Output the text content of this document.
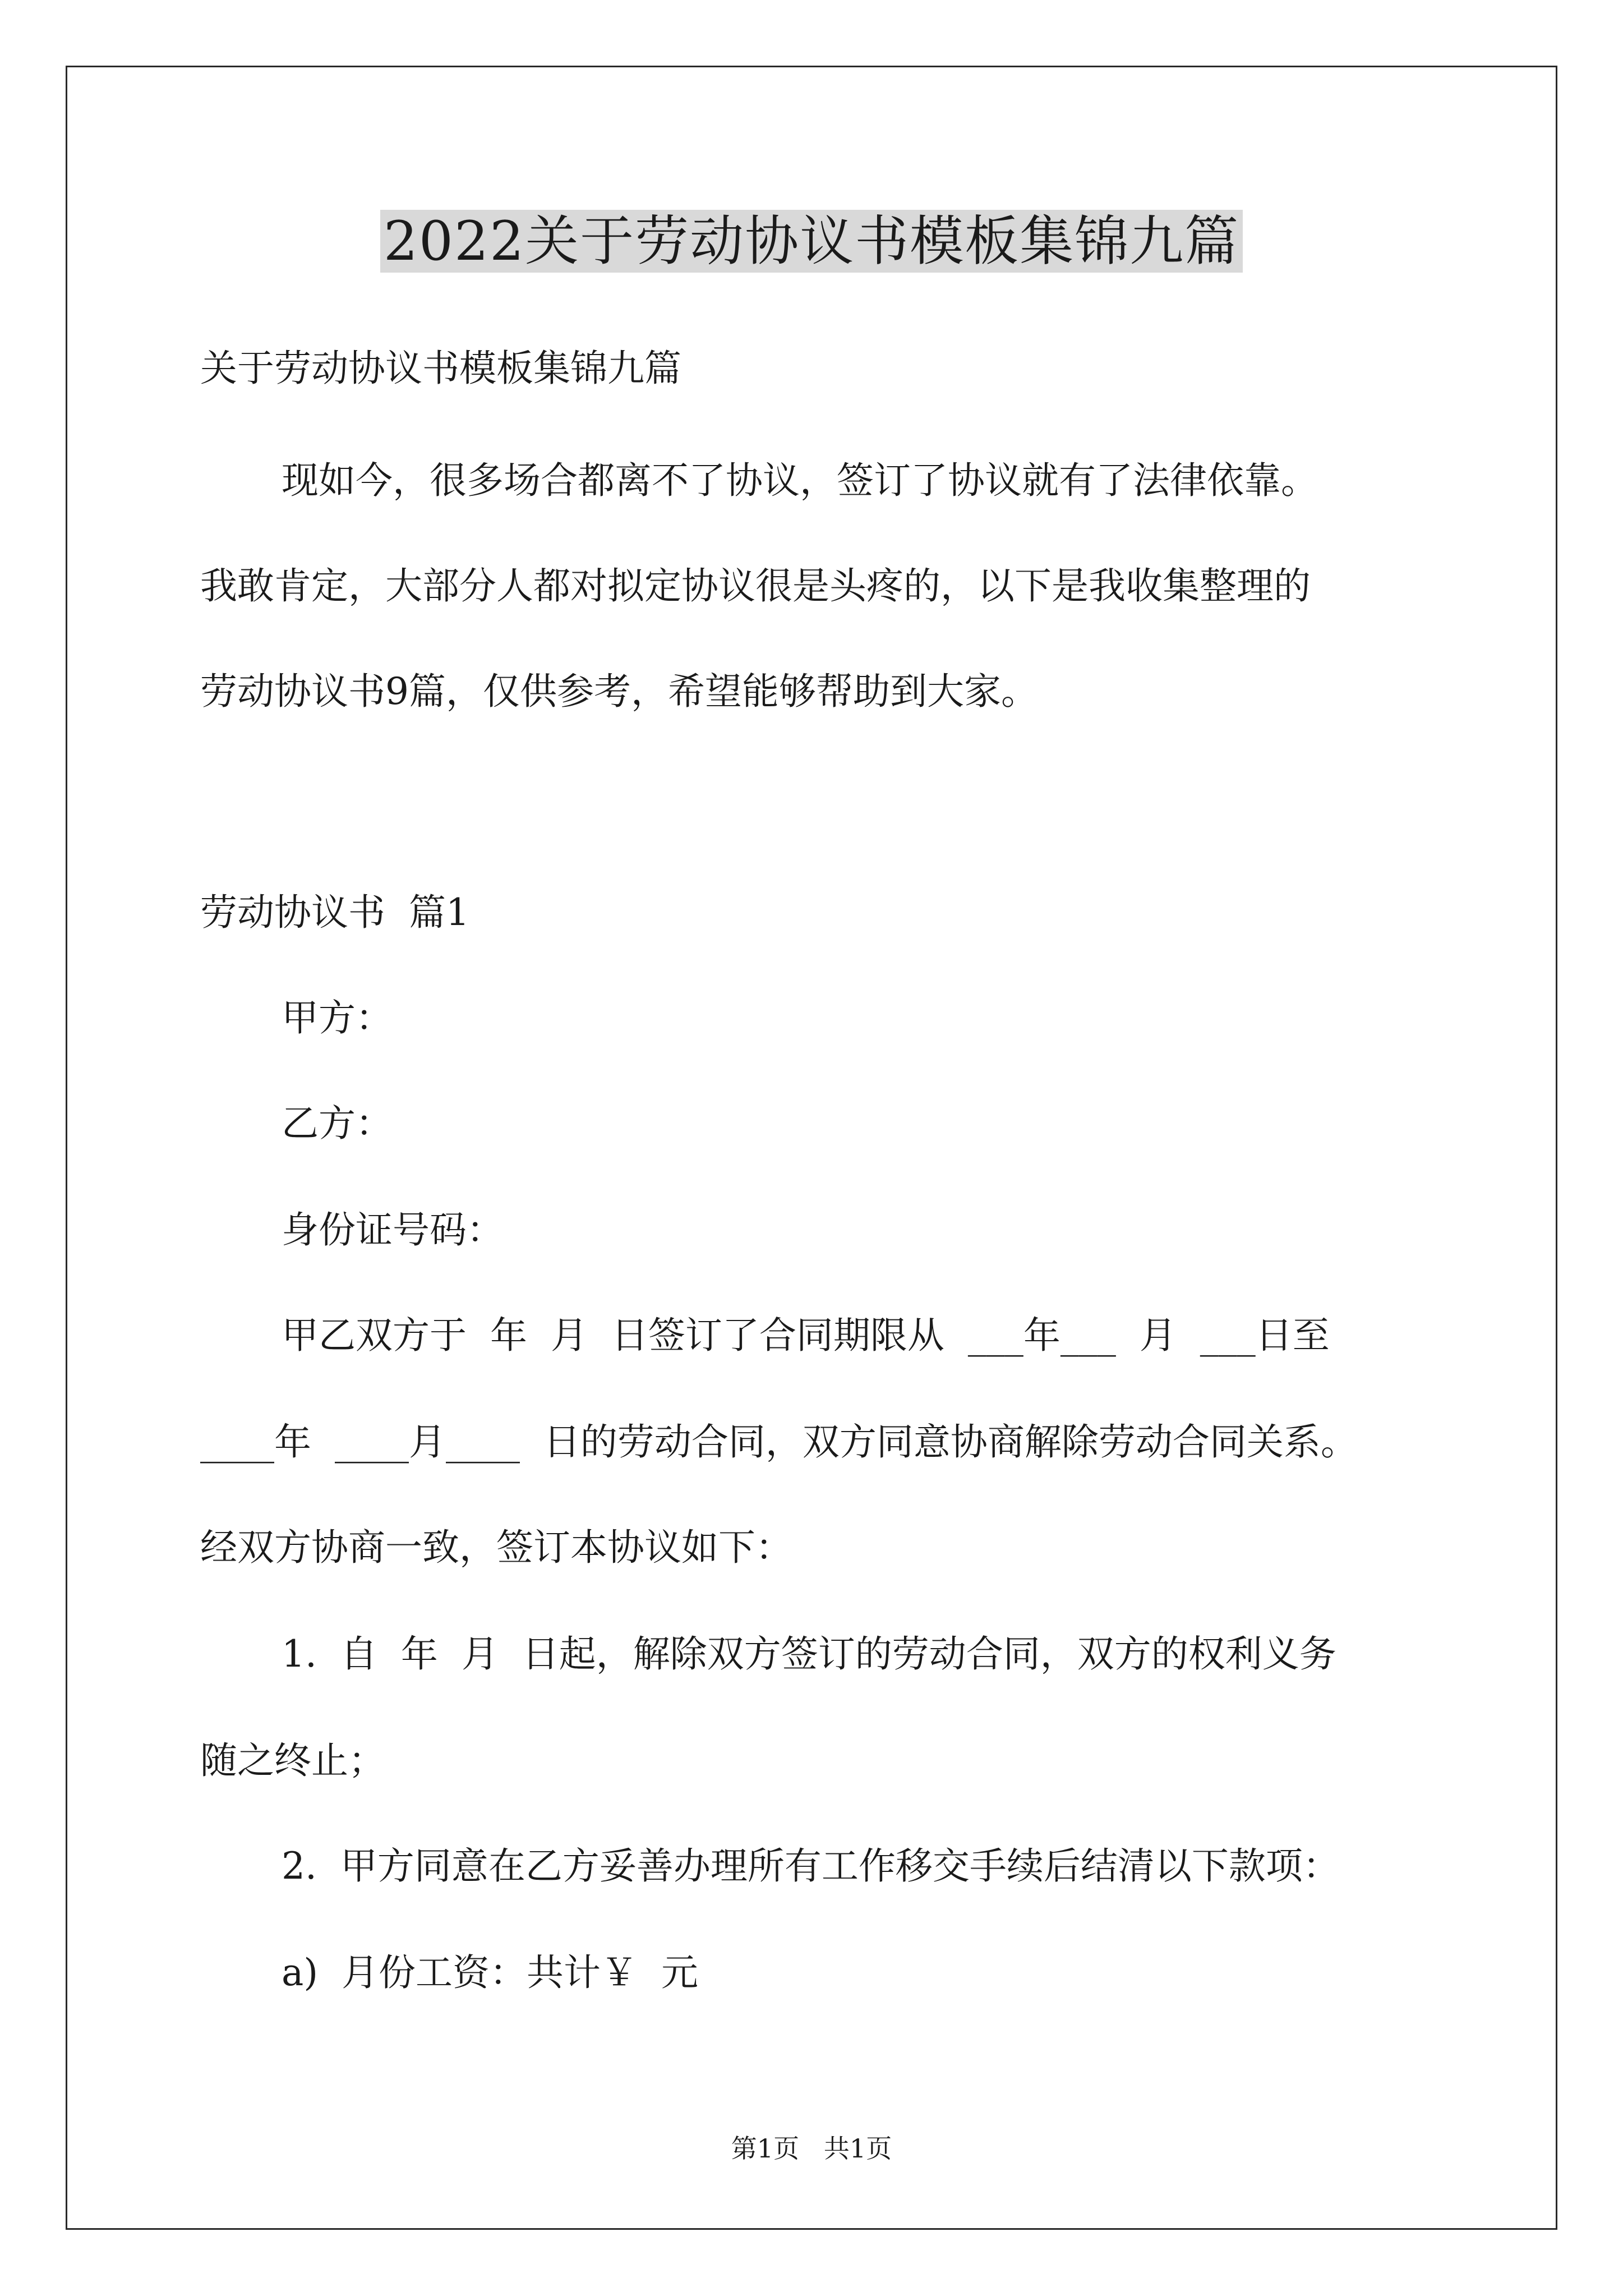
2022关于劳动协议书模板集锦九篇
关于劳动协议书模板集锦九篇
现如今，很多场合都离不了协议，签订了协议就有了法律依靠。
我敢肯定，大部分人都对拟定协议很是头疼的，以下是我收集整理的
劳动协议书9篇，仅供参考，希望能够帮助到大家。
劳动协议书  篇1
甲方：
乙方：
身份证号码：
甲乙双方于  年  月  日签订了合同期限从  ___年___  月  ___日至
____年  ____月____  日的劳动合同，双方同意协商解除劳动合同关系。
经双方协商一致，签订本协议如下：
1.  自  年  月  日起，解除双方签订的劳动合同，双方的权利义务
随之终止；
2.  甲方同意在乙方妥善办理所有工作移交手续后结清以下款项：
a)  月份工资：共计￥  元
第1页   共1页
